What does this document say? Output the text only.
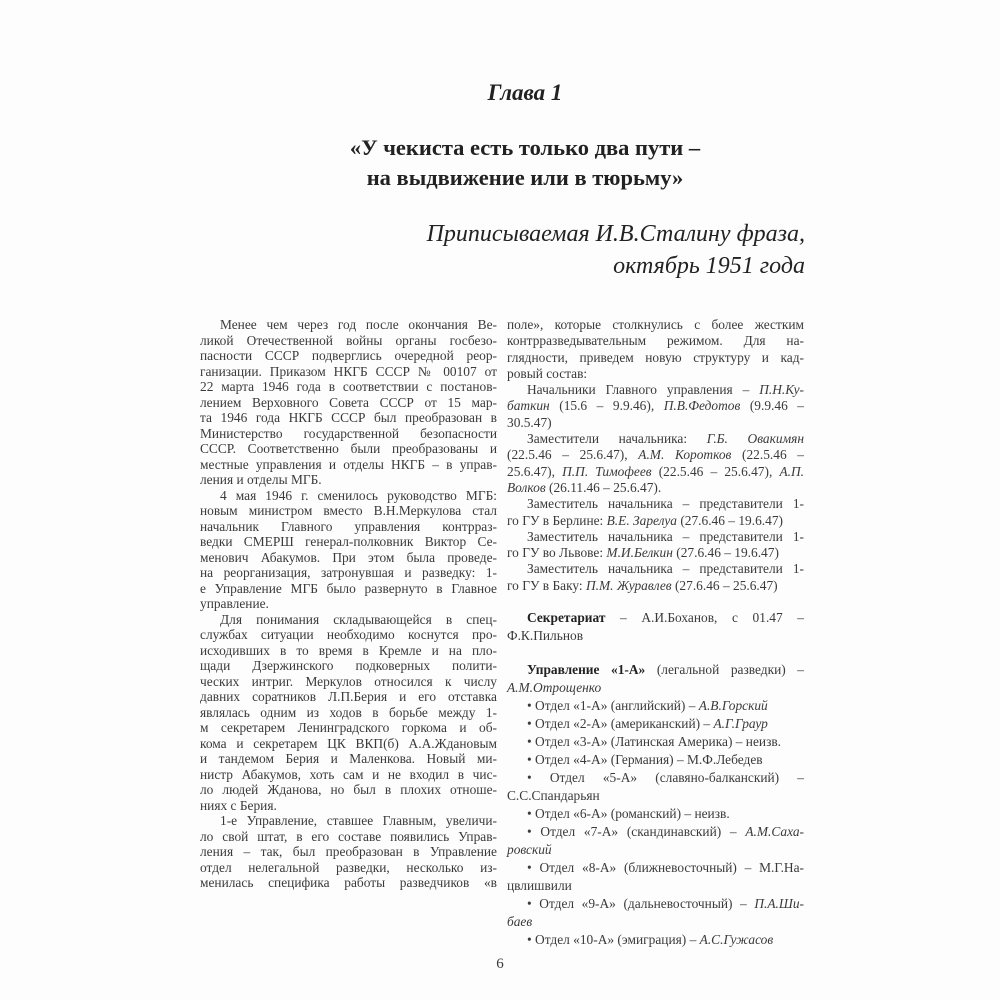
Глава 1
«У чекиста есть только два пути –
на выдвижение или в тюрьму»
Приписываемая И.В.Сталину фраза,
октябрь 1951 года
Менее чем через год после окончания Ве-
ликой Отечественной войны органы госбезо-
пасности СССР подверглись очередной реор-
ганизации. Приказом НКГБ СССР № 00107 от
22 марта 1946 года в соответствии с постанов-
лением Верховного Совета СССР от 15 мар-
та 1946 года НКГБ СССР был преобразован в
Министерство государственной безопасности
СССР. Соответственно были преобразованы и
местные управления и отделы НКГБ – в управ-
ления и отделы МГБ.
4 мая 1946 г. сменилось руководство МГБ:
новым министром вместо В.Н.Меркулова стал
начальник Главного управления контрраз-
ведки СМЕРШ генерал-полковник Виктор Се-
менович Абакумов. При этом была проведе-
на реорганизация, затронувшая и разведку: 1-
е Управление МГБ было развернуто в Главное
управление.
Для понимания складывающейся в спец-
службах ситуации необходимо коснутся про-
исходивших в то время в Кремле и на пло-
щади Дзержинского подковерных полити-
ческих интриг. Меркулов относился к числу
давних соратников Л.П.Берия и его отставка
являлась одним из ходов в борьбе между 1-
м секретарем Ленинградского горкома и об-
кома и секретарем ЦК ВКП(б) А.А.Ждановым
и тандемом Берия и Маленкова. Новый ми-
нистр Абакумов, хоть сам и не входил в чис-
ло людей Жданова, но был в плохих отноше-
ниях с Берия.
1-е Управление, ставшее Главным, увеличи-
ло свой штат, в его составе появились Управ-
ления – так, был преобразован в Управление
отдел нелегальной разведки, несколько из-
менилась специфика работы разведчиков «в
поле», которые столкнулись с более жестким
контрразведывательным режимом. Для на-
глядности, приведем новую структуру и кад-
ровый состав:
Начальники Главного управления – П.Н.Ку-
баткин (15.6 – 9.9.46), П.В.Федотов (9.9.46 –
30.5.47)
Заместители начальника: Г.Б. Овакимян
(22.5.46 – 25.6.47), А.М. Коротков (22.5.46 –
25.6.47), П.П. Тимофеев (22.5.46 – 25.6.47), А.П.
Волков (26.11.46 – 25.6.47).
Заместитель начальника – представители 1-
го ГУ в Берлине: В.Е. Зарелуа (27.6.46 – 19.6.47)
Заместитель начальника – представители 1-
го ГУ во Львове: М.И.Белкин (27.6.46 – 19.6.47)
Заместитель начальника – представители 1-
го ГУ в Баку: П.М. Журавлев (27.6.46 – 25.6.47)
Секретариат – А.И.Боханов, с 01.47 –
Ф.К.Пильнов
Управление «1-А» (легальной разведки) –
А.М.Отрощенко
• Отдел «1-А» (английский) – А.В.Горский
• Отдел «2-А» (американский) – А.Г.Граур
• Отдел «3-А» (Латинская Америка) – неизв.
• Отдел «4-А» (Германия) – М.Ф.Лебедев
• Отдел «5-А» (славяно-балканский) –
С.С.Спандарьян
• Отдел «6-А» (романский) – неизв.
• Отдел «7-А» (скандинавский) – А.М.Саха-
ровский
• Отдел «8-А» (ближневосточный) – М.Г.На-
цвлишвили
• Отдел «9-А» (дальневосточный) – П.А.Ши-
баев
• Отдел «10-А» (эмиграция) – А.С.Гужасов
6
